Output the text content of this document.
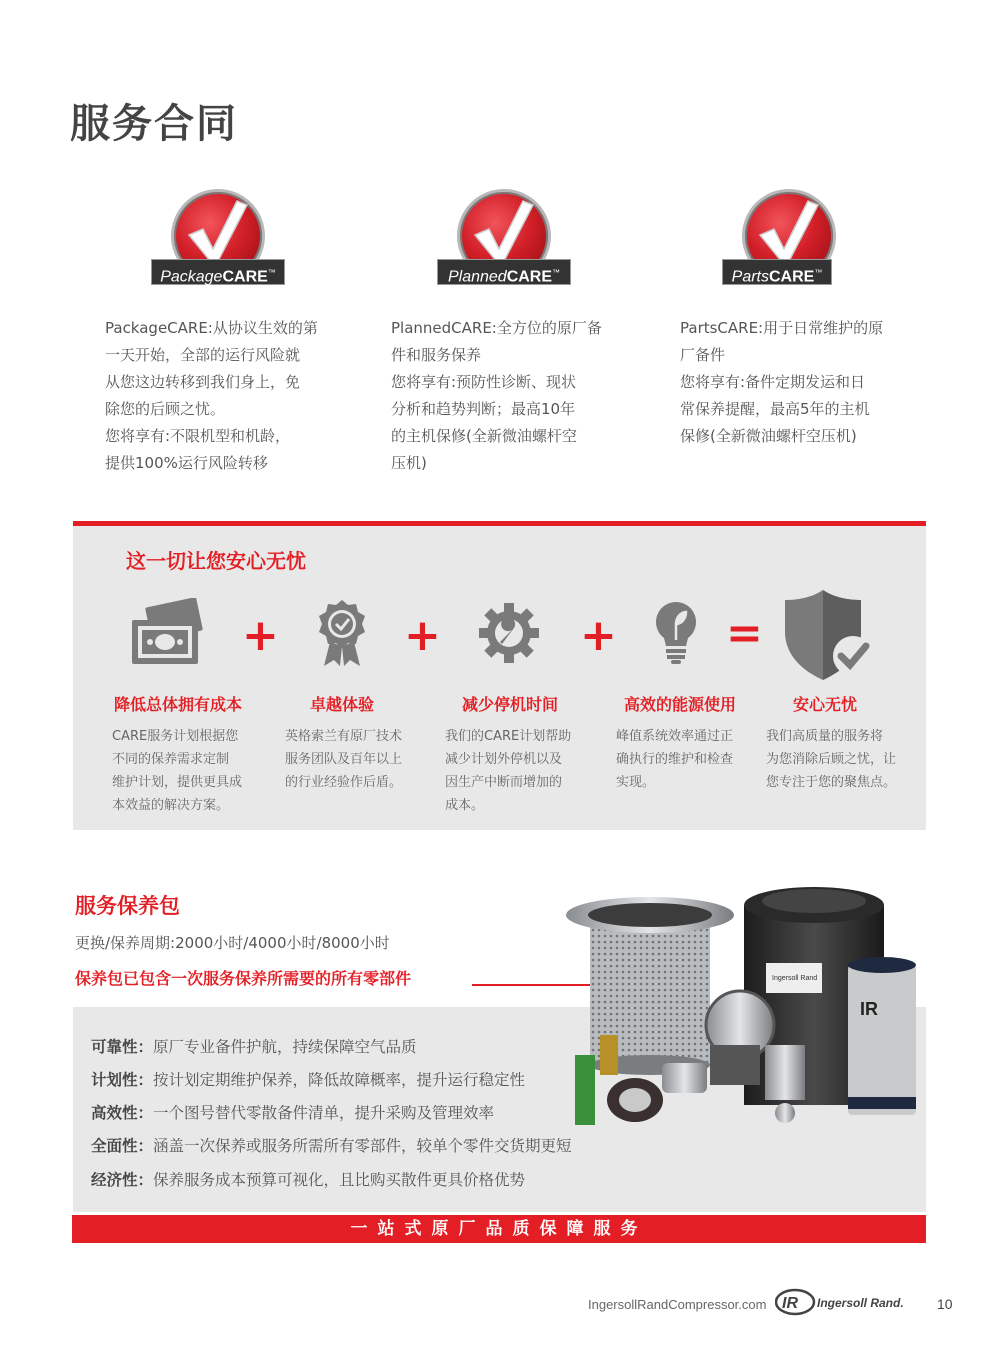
服务合同
PackageCARE™	PlannedCARE™	PartsCARE™
PackageCARE:从协议生效的第
一天开始，全部的运行风险就
从您这边转移到我们身上，免
除您的后顾之忧。
您将享有:不限机型和机龄，
提供100%运行风险转移
PlannedCARE:全方位的原厂备
件和服务保养
您将享有:预防性诊断、现状
分析和趋势判断；最高10年
的主机保修(全新微油螺杆空
压机)
PartsCARE:用于日常维护的原
厂备件
您将享有:备件定期发运和日
常保养提醒，最高5年的主机
保修(全新微油螺杆空压机)
这一切让您安心无忧
+	+	+ =
降低总体拥有成本	卓越体验	减少停机时间	高效的能源使用	安心无忧
CARE服务计划根据您
不同的保养需求定制
维护计划，提供更具成
本效益的解决方案。
英格索兰有原厂技术
服务团队及百年以上
的行业经验作后盾。
我们的CARE计划帮助
减少计划外停机以及
因生产中断而增加的
成本。
峰值系统效率通过正
确执行的维护和检查
实现。
我们高质量的服务将
为您消除后顾之忧，让
您专注于您的聚焦点。
服务保养包
更换/保养周期:2000小时/4000小时/8000小时
保养包已包含一次服务保养所需要的所有零部件
可靠性：原厂专业备件护航，持续保障空气品质
计划性：按计划定期维护保养，降低故障概率，提升运行稳定性
高效性：一个图号替代零散备件清单，提升采购及管理效率
全面性：涵盖一次保养或服务所需所有零部件，较单个零件交货期更短
经济性：保养服务成本预算可视化，且比购买散件更具价格优势
Ingersoll Rand
IR
一站式原厂品质保障服务
IngersollRandCompressor.com IR Ingersoll Rand. 10
